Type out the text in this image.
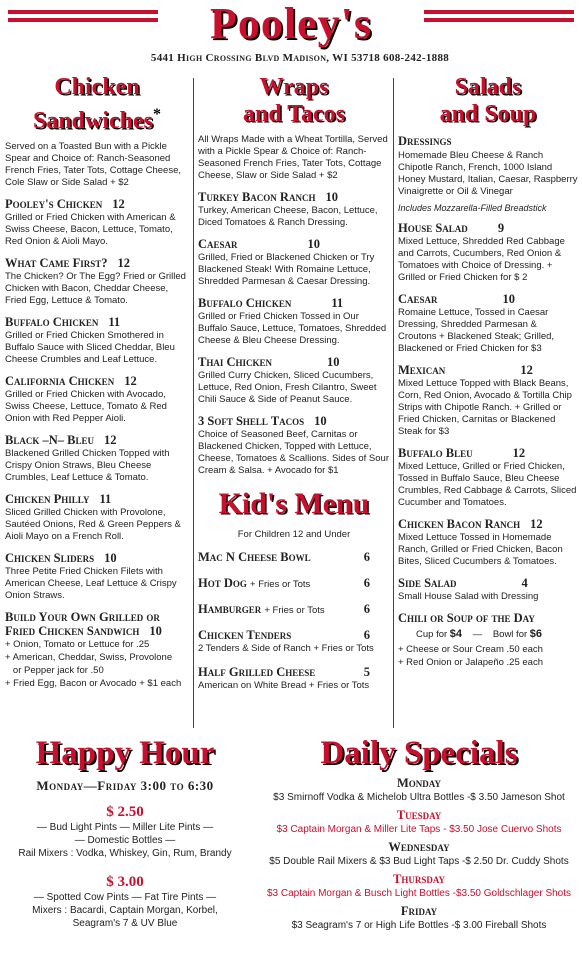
Pooley's
5441 High Crossing Blvd Madison, WI 53718 608-242-1888
Chicken
Sandwiches*
Served on a Toasted Bun with a Pickle Spear and Choice of: Ranch-Seasoned French Fries, Tater Tots, Cottage Cheese, Cole Slaw or Side Salad + $2
Pooley's Chicken 12
Grilled or Fried Chicken with American & Swiss Cheese, Bacon, Lettuce, Tomato, Red Onion & Aioli Mayo.
What Came First? 12
The Chicken? Or The Egg? Fried or Grilled Chicken with Bacon, Cheddar Cheese, Fried Egg, Lettuce & Tomato.
Buffalo Chicken 11
Grilled or Fried Chicken Smothered in Buffalo Sauce with Sliced Cheddar, Bleu Cheese Crumbles and Leaf Lettuce.
California Chicken 12
Grilled or Fried Chicken with Avocado, Swiss Cheese, Lettuce, Tomato & Red Onion with Red Pepper Aioli.
Black –N– Bleu 12
Blackened Grilled Chicken Topped with Crispy Onion Straws, Bleu Cheese Crumbles, Leaf Lettuce & Tomato.
Chicken Philly 11
Sliced Grilled Chicken with Provolone, Sautéed Onions, Red & Green Peppers & Aioli Mayo on a French Roll.
Chicken Sliders 10
Three Petite Fried Chicken Filets with American Cheese, Leaf Lettuce & Crispy Onion Straws.
Build Your Own Grilled or
Fried Chicken Sandwich 10
+ Onion, Tomato or Lettuce for .25
+ American, Cheddar, Swiss, Provolone
or Pepper jack for .50
+ Fried Egg, Bacon or Avocado + $1 each
Wraps
and Tacos
All Wraps Made with a Wheat Tortilla, Served with a Pickle Spear & Choice of: Ranch-Seasoned French Fries, Tater Tots, Cottage Cheese, Slaw or Side Salad + $2
Turkey Bacon Ranch 10
Turkey, American Cheese, Bacon, Lettuce, Diced Tomatoes & Ranch Dressing.
Caesar	10
Grilled, Fried or Blackened Chicken or Try Blackened Steak! With Romaine Lettuce, Shredded Parmesan & Caesar Dressing.
Buffalo Chicken	11
Grilled or Fried Chicken Tossed in Our Buffalo Sauce, Lettuce, Tomatoes, Shredded Cheese & Bleu Cheese Dressing.
Thai Chicken	10
Grilled Curry Chicken, Sliced Cucumbers, Lettuce, Red Onion, Fresh Cilantro, Sweet Chili Sauce & Side of Peanut Sauce.
3 Soft Shell Tacos 10
Choice of Seasoned Beef, Carnitas or Blackened Chicken, Topped with Lettuce, Cheese, Tomatoes & Scallions. Sides of Sour Cream & Salsa. + Avocado for $1
Kid's Menu
For Children 12 and Under
Mac N Cheese Bowl	6
Hot Dog + Fries or Tots	6
Hamburger + Fries or Tots	6
Chicken Tenders	6
2 Tenders & Side of Ranch + Fries or Tots
Half Grilled Cheese	5
American on White Bread + Fries or Tots
Salads
and Soup
Dressings
Homemade Bleu Cheese & Ranch Chipotle Ranch, French, 1000 Island Honey Mustard, Italian, Caesar, Raspberry Vinaigrette or Oil & Vinegar
Includes Mozzarella-Filled Breadstick
House Salad 9
Mixed Lettuce, Shredded Red Cabbage and Carrots, Cucumbers, Red Onion & Tomatoes with Choice of Dressing. + Grilled or Fried Chicken for $ 2
Caesar	10
Romaine Lettuce, Tossed in Caesar Dressing, Shredded Parmesan & Croutons + Blackened Steak; Grilled, Blackened or Fried Chicken for $3
Mexican	12
Mixed Lettuce Topped with Black Beans, Corn, Red Onion, Avocado & Tortilla Chip Strips with Chipotle Ranch. + Grilled or Fried Chicken, Carnitas or Blackened Steak for $3
Buffalo Bleu	12
Mixed Lettuce, Grilled or Fried Chicken, Tossed in Buffalo Sauce, Bleu Cheese Crumbles, Red Cabbage & Carrots, Sliced Cucumber and Tomatoes.
Chicken Bacon Ranch 12
Mixed Lettuce Tossed in Homemade Ranch, Grilled or Fried Chicken, Bacon Bites, Sliced Cucumbers & Tomatoes.
Side Salad	4
Small House Salad with Dressing
Chili or Soup of the Day
Cup for $4 — Bowl for $6
+ Cheese or Sour Cream .50 each
+ Red Onion or Jalapeño .25 each
Happy Hour
Monday—Friday 3:00 to 6:30
$ 2.50
— Bud Light Pints — Miller Lite Pints —
— Domestic Bottles —
Rail Mixers : Vodka, Whiskey, Gin, Rum, Brandy
$ 3.00
— Spotted Cow Pints — Fat Tire Pints —
Mixers : Bacardi, Captain Morgan, Korbel,
Seagram's 7 & UV Blue
Daily Specials
Monday
$3 Smirnoff Vodka & Michelob Ultra Bottles -$ 3.50 Jameson Shot
Tuesday
$3 Captain Morgan & Miller Lite Taps - $3.50 Jose Cuervo Shots
Wednesday
$5 Double Rail Mixers & $3 Bud Light Taps -$ 2.50 Dr. Cuddy Shots
Thursday
$3 Captain Morgan & Busch Light Bottles -$3.50 Goldschlager Shots
Friday
$3 Seagram's 7 or High Life Bottles -$ 3.00 Fireball Shots
